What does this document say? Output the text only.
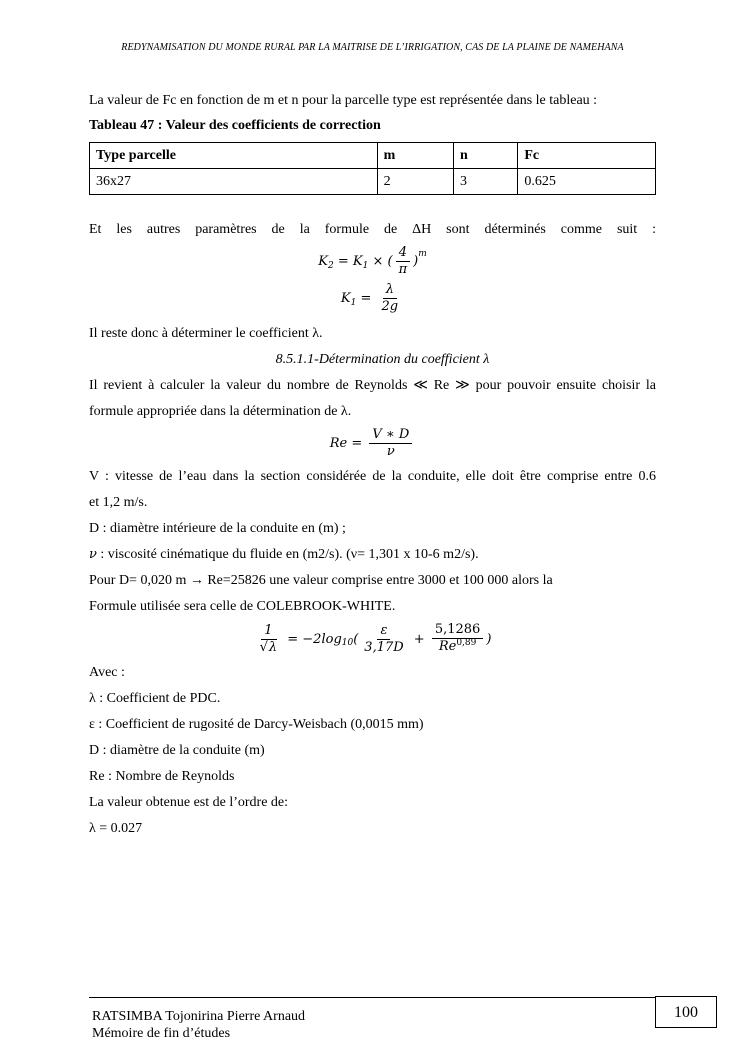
REDYNAMISATION DU MONDE RURAL PAR LA MAITRISE DE L’IRRIGATION, CAS DE LA PLAINE DE NAMEHANA

La valeur de Fc en fonction de m et n pour la parcelle type est représentée dans le tableau :

Tableau 47 : Valeur des coefficients de correction

Type parcelle	m	n	Fc
36x27	2	3	0.625

Et les autres paramètres de la formule de ΔH sont déterminés comme suit :

K 2 = K 1 × ( $\frac{4}{\pi}$ )
m
K $1 = \frac{\lambda}{2g}$

Il reste donc à déterminer le coefficient λ.

8.5.1.1-Détermination du coefficient λ

Il revient à calculer la valeur du nombre de Reynolds ≪ Re ≫ pour pouvoir ensuite choisir la

formule appropriée dans la détermination de λ.

$Re = \frac{V ∗ D}{\nu}$

V : vitesse de l’eau dans la section considérée de la conduite, elle doit être comprise entre 0.6

et 1,2 m/s.

D : diamètre intérieure de la conduite en (m) ;

ν : viscosité cinématique du fluide en (m2/s). (ν= 1,301 x 10-6 m2/s).

Pour D= 0,020 m → Re=25826 une valeur comprise entre 3000 et 100 000 alors la

Formule utilisée sera celle de COLEBROOK-WHITE.

$\frac{1}{√\lambda} = -2$ log 10 ( $\frac{\varepsilon}{3,17D} + \frac{5,1286}{Re^{0,89}}$ )

Avec :

λ : Coefficient de PDC.

ε : Coefficient de rugosité de Darcy-Weisbach (0,0015 mm)

D : diamètre de la conduite (m)

Re : Nombre de Reynolds

La valeur obtenue est de l’ordre de:

λ = 0.027

100
RATSIMBA Tojonirina Pierre Arnaud
Mémoire de fin d’études
